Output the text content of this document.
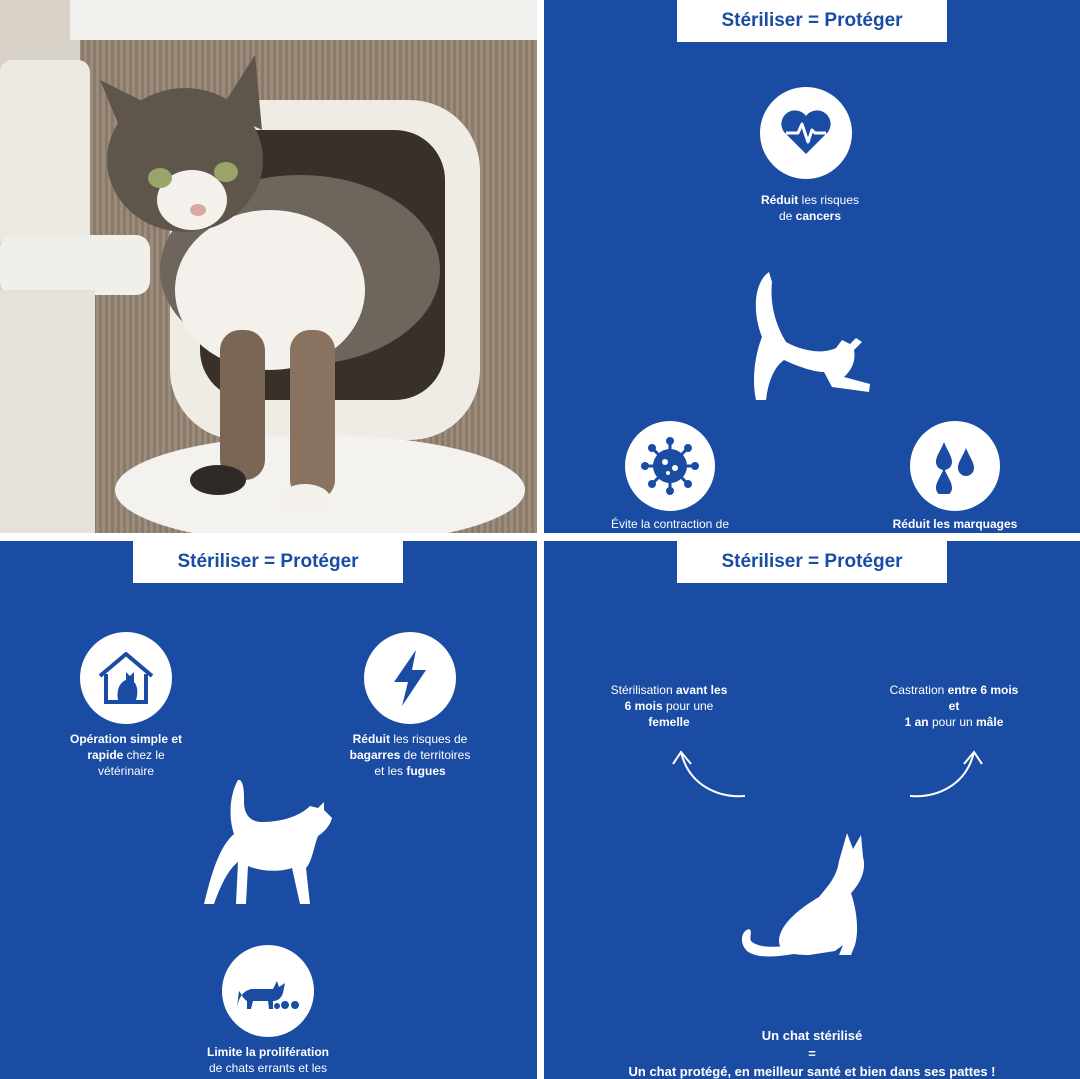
Stériliser = Protéger
Réduit les risques
de cancers
Évite la contraction de	Réduit les marquages
Stériliser = Protéger
Opération simple et
rapide chez le
vétérinaire
Réduit les risques de
bagarres de territoires
et les fugues
Limite la prolifération
de chats errants et les
Stériliser = Protéger
Stérilisation avant les
6 mois pour une
femelle
Castration entre 6 mois
et
1 an pour un mâle
Un chat stérilisé
=
Un chat protégé, en meilleur santé et bien dans ses pattes !
